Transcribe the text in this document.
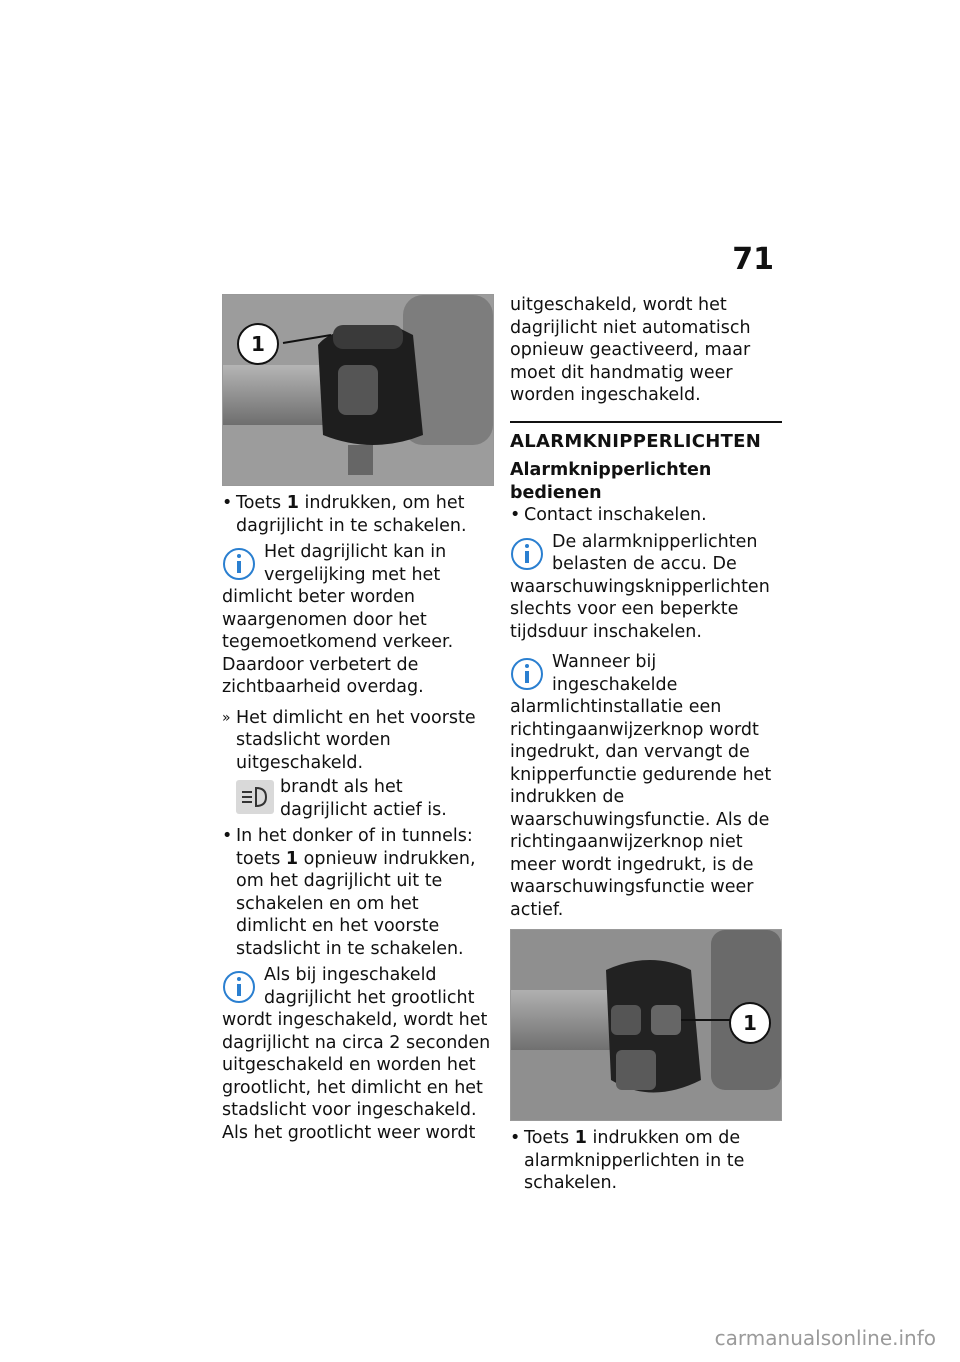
71
1

• Toets 1 indrukken, om het dagrijlicht in te schakelen.

Het dagrijlicht kan in vergelijking met het dimlicht beter worden waargenomen door het tegemoetkomend verkeer. Daardoor verbetert de zichtbaarheid overdag.

» Het dimlicht en het voorste stadslicht worden uitgeschakeld.

brandt als het dagrijlicht actief is.

• In het donker of in tunnels: toets 1 opnieuw indrukken, om het dagrijlicht uit te schakelen en om het dimlicht en het voorste stadslicht in te schakelen.

Als bij ingeschakeld dagrijlicht het grootlicht wordt ingeschakeld, wordt het dagrijlicht na circa 2 seconden uitgeschakeld en worden het grootlicht, het dimlicht en het stadslicht voor ingeschakeld. Als het grootlicht weer wordt

uitgeschakeld, wordt het dagrijlicht niet automatisch opnieuw geactiveerd, maar moet dit handmatig weer worden ingeschakeld.

ALARMKNIPPERLICHTEN

Alarmknipperlichten bedienen

• Contact inschakelen.

De alarmknipperlichten belasten de accu. De waarschuwingsknipperlichten slechts voor een beperkte tijdsduur inschakelen.

Wanneer bij ingeschakelde alarmlichtinstallatie een richtingaanwijzerknop wordt ingedrukt, dan vervangt de knipperfunctie gedurende het indrukken de waarschuwingsfunctie. Als de richtingaanwijzerknop niet meer wordt ingedrukt, is de waarschuwingsfunctie weer actief.

1

• Toets 1 indrukken om de alarmknipperlichten in te schakelen.

carmanualsonline.info
